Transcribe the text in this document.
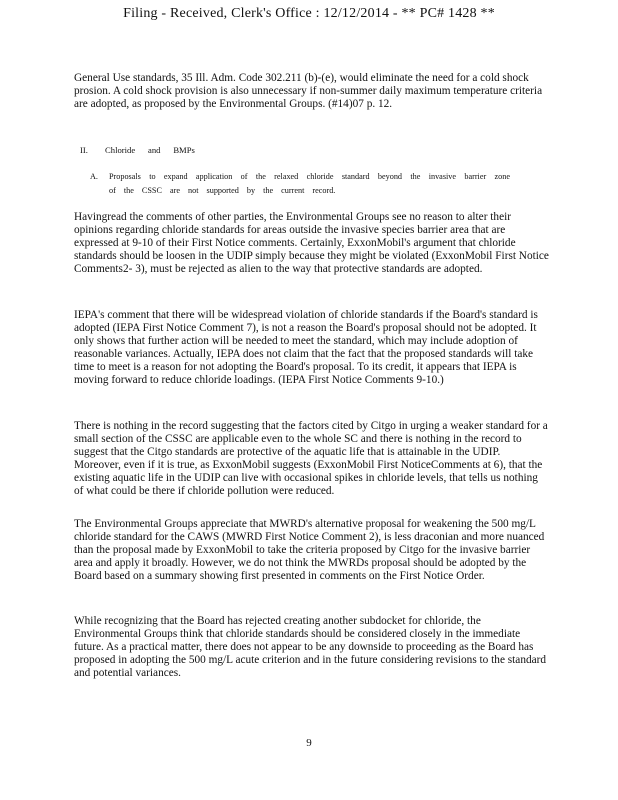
Filing - Received, Clerk's Office : 12/12/2014 - ** PC# 1428 **
General Use standards, 35 Ill. Adm. Code 302.211 (b)-(e), would eliminate the need for a cold shock prosion. A cold shock provision is also unnecessary if non-summer daily maximum temperature criteria are adopted, as proposed by the Environmental Groups. (#14)07 p. 12.
II.        Chloride      and      BMPs
A. Proposals to expand application of the relaxed chloride standard beyond the invasive barrier zone of the CSSC are not supported by the current record.
Havingread the comments of other parties, the Environmental Groups see no reason to alter their opinions regarding chloride standards for areas outside the invasive species barrier area that are expressed at 9-10 of their First Notice comments. Certainly, ExxonMobil's argument that chloride standards should be loosen in the UDIP simply because they might be violated (ExxonMobil First Notice Comments2- 3), must be rejected as alien to the way that protective standards are adopted.
IEPA's comment that there will be widespread violation of chloride standards if the Board's standard is adopted (IEPA First Notice Comment 7), is not a reason the Board's proposal should not be adopted. It only shows that further action will be needed to meet the standard, which may include adoption of reasonable variances. Actually, IEPA does not claim that the fact that the proposed standards will take time to meet is a reason for not adopting the Board's proposal. To its credit, it appears that IEPA is moving forward to reduce chloride loadings. (IEPA First Notice Comments 9-10.)
There is nothing in the record suggesting that the factors cited by Citgo in urging a weaker standard for a small section of the CSSC are applicable even to the whole SC and there is nothing in the record to suggest that the Citgo standards are protective of the aquatic life that is attainable in the UDIP. Moreover, even if it is true, as ExxonMobil suggests (ExxonMobil First NoticeComments at 6), that the existing aquatic life in the UDIP can live with occasional spikes in chloride levels, that tells us nothing of what could be there if chloride pollution were reduced.
The Environmental Groups appreciate that MWRD's alternative proposal for weakening the 500 mg/L chloride standard for the CAWS (MWRD First Notice Comment 2), is less draconian and more nuanced than the proposal made by ExxonMobil to take the criteria proposed by Citgo for the invasive barrier area and apply it broadly. However, we do not think the MWRDs proposal should be adopted by the Board based on a summary showing first presented in comments on the First Notice Order.
While recognizing that the Board has rejected creating another subdocket for chloride, the Environmental Groups think that chloride standards should be considered closely in the immediate future. As a practical matter, there does not appear to be any downside to proceeding as the Board has proposed in adopting the 500 mg/L acute criterion and in the future considering revisions to the standard and potential variances.
9
